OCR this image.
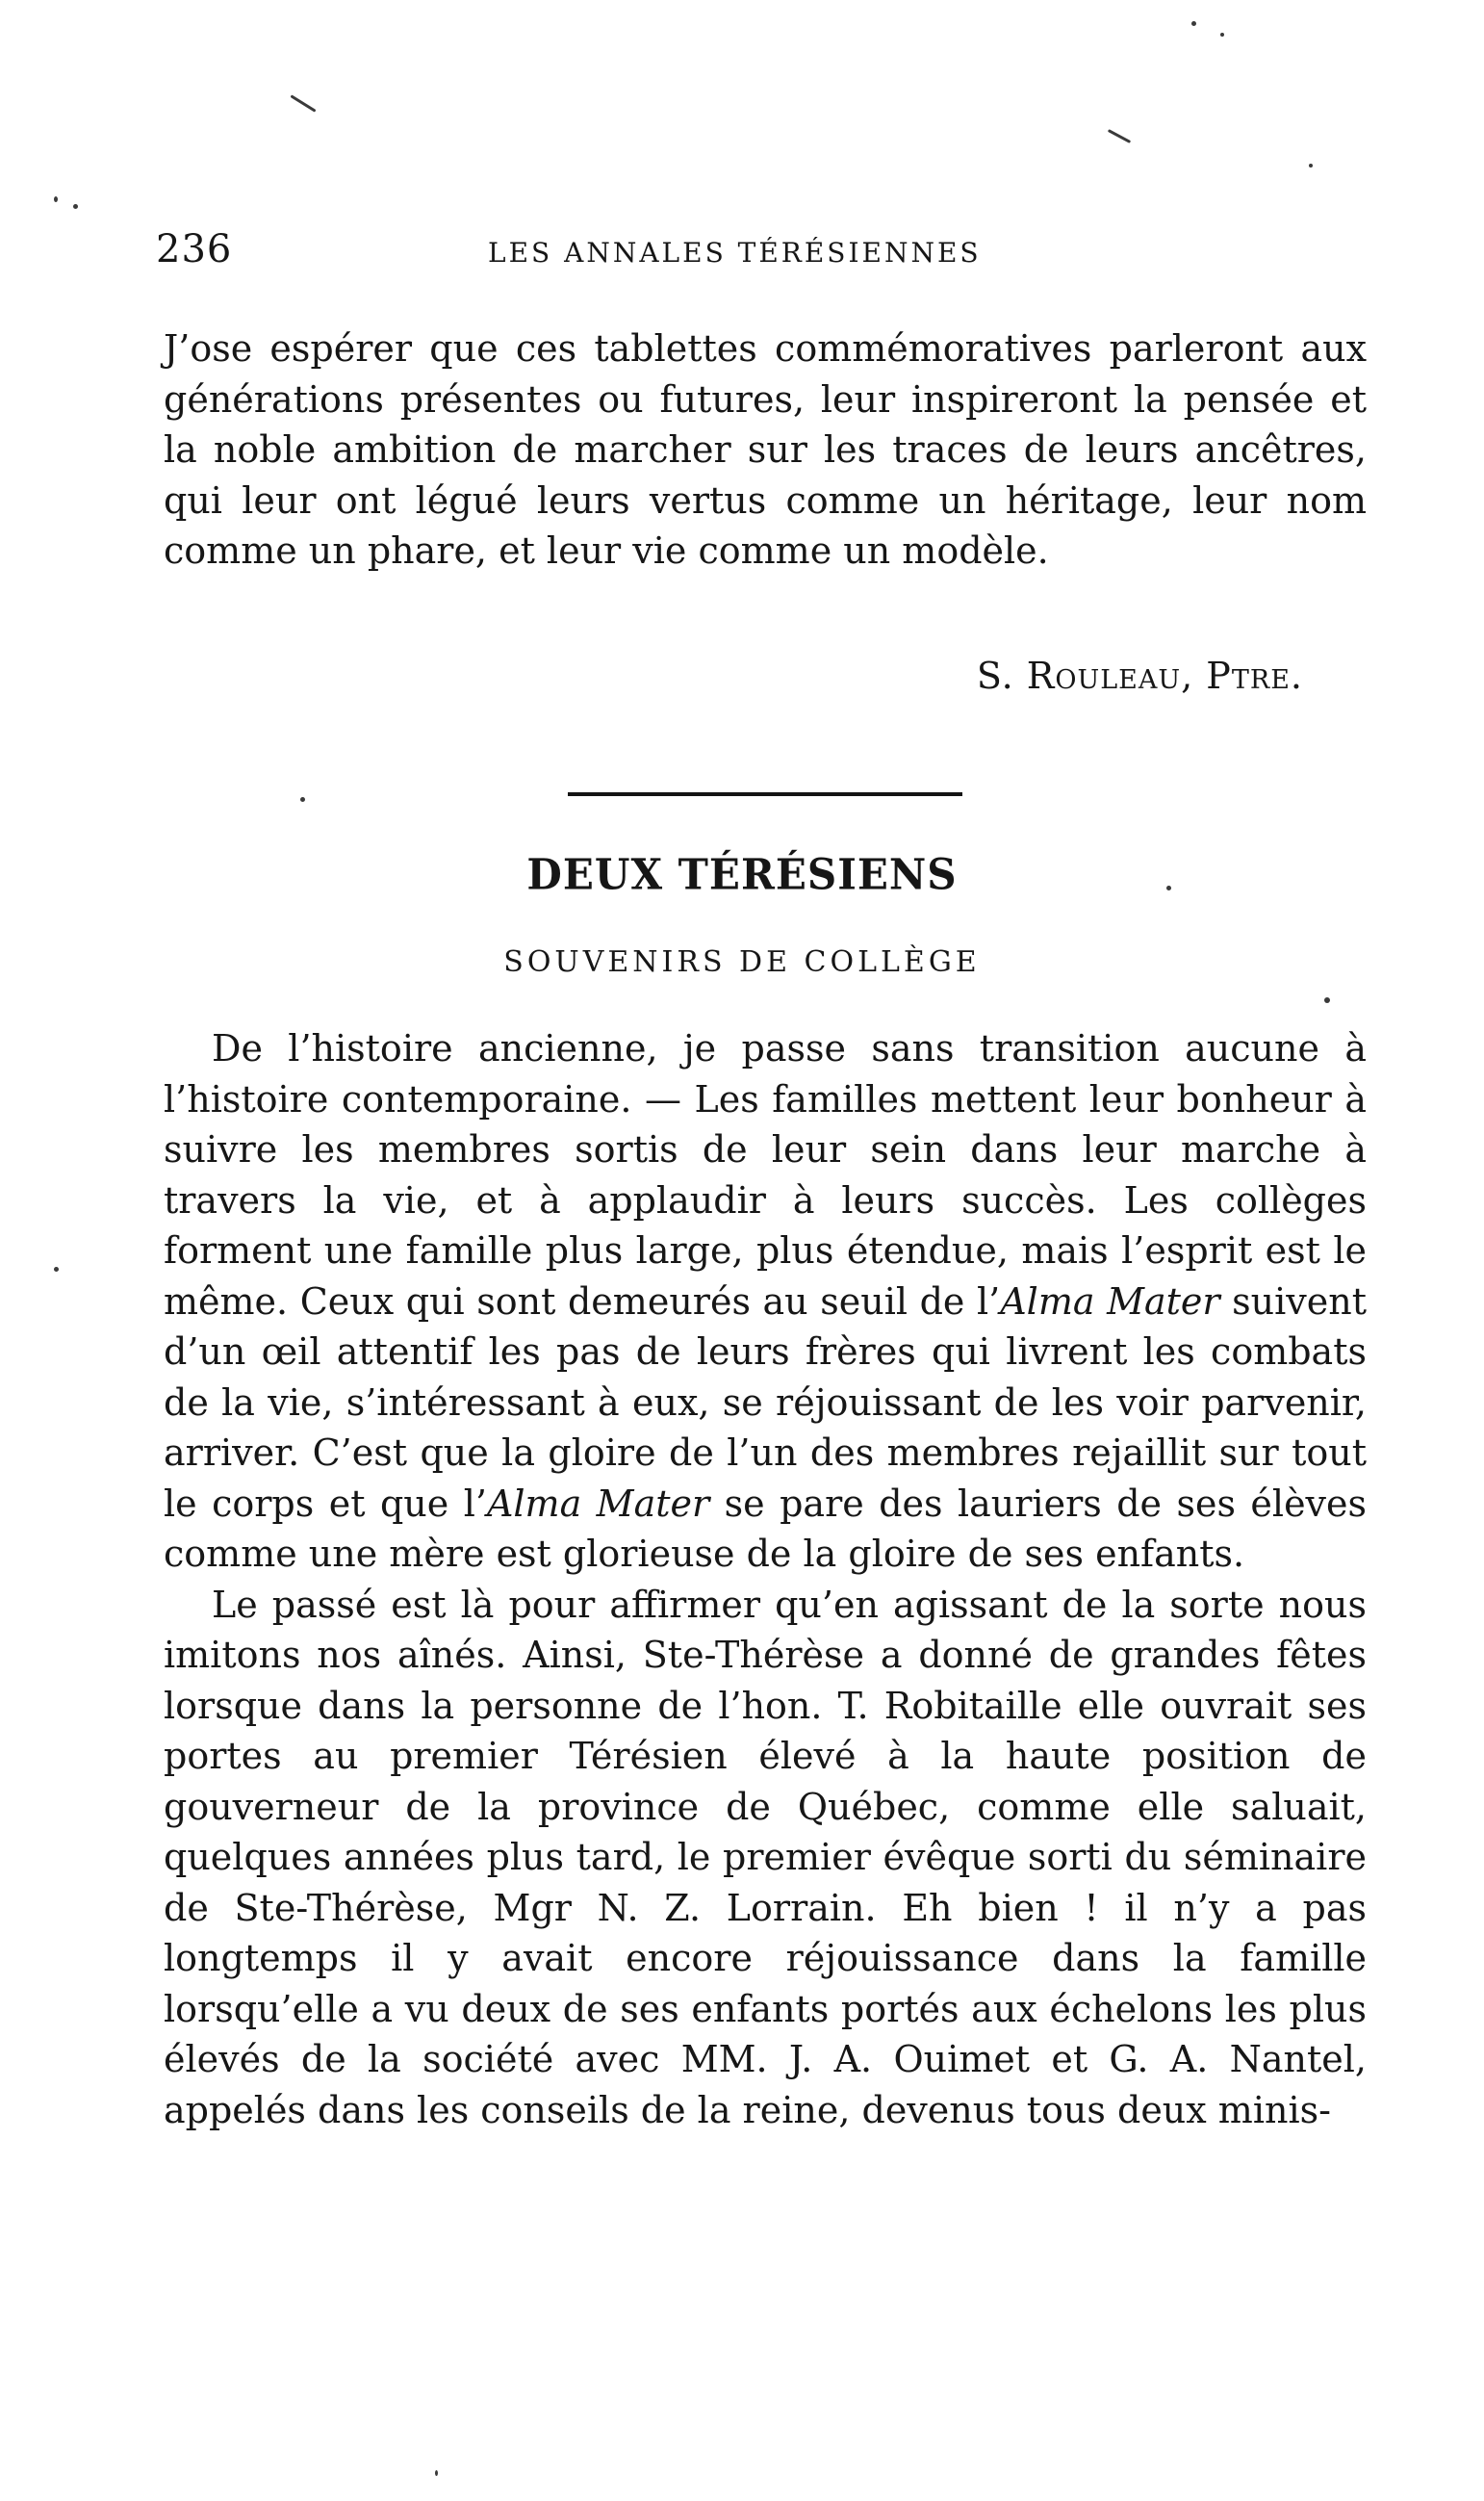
236	LES ANNALES TÉRÉSIENNES

J’ose espérer que ces tablettes commémoratives parleront aux générations présentes ou futures, leur inspireront la pensée et la noble ambition de marcher sur les traces de leurs ancêtres, qui leur ont légué leurs vertus comme un héritage, leur nom comme un phare, et leur vie comme un modèle.

S. Rouleau, Ptre.
DEUX TÉRÉSIENS
SOUVENIRS DE COLLÈGE

De l’histoire ancienne, je passe sans transition aucune à l’histoire contemporaine. — Les familles mettent leur bonheur à suivre les membres sortis de leur sein dans leur marche à travers la vie, et à applaudir à leurs succès. Les collèges forment une famille plus large, plus étendue, mais l’esprit est le même. Ceux qui sont demeurés au seuil de l’Alma Mater suivent d’un œil attentif les pas de leurs frères qui livrent les combats de la vie, s’intéressant à eux, se réjouissant de les voir parvenir, arriver. C’est que la gloire de l’un des membres rejaillit sur tout le corps et que l’Alma Mater se pare des lauriers de ses élèves comme une mère est glorieuse de la gloire de ses enfants.

Le passé est là pour affirmer qu’en agissant de la sorte nous imitons nos aînés. Ainsi, Ste-Thérèse a donné de grandes fêtes lorsque dans la personne de l’hon. T. Robitaille elle ouvrait ses portes au premier Térésien élevé à la haute position de gouverneur de la province de Québec, comme elle saluait, quelques années plus tard, le premier évêque sorti du séminaire de Ste-Thérèse, Mgr N. Z. Lorrain. Eh bien ! il n’y a pas longtemps il y avait encore réjouissance dans la famille lorsqu’elle a vu deux de ses enfants portés aux échelons les plus élevés de la société avec MM. J. A. Ouimet et G. A. Nantel, appelés dans les conseils de la reine, devenus tous deux minis-
